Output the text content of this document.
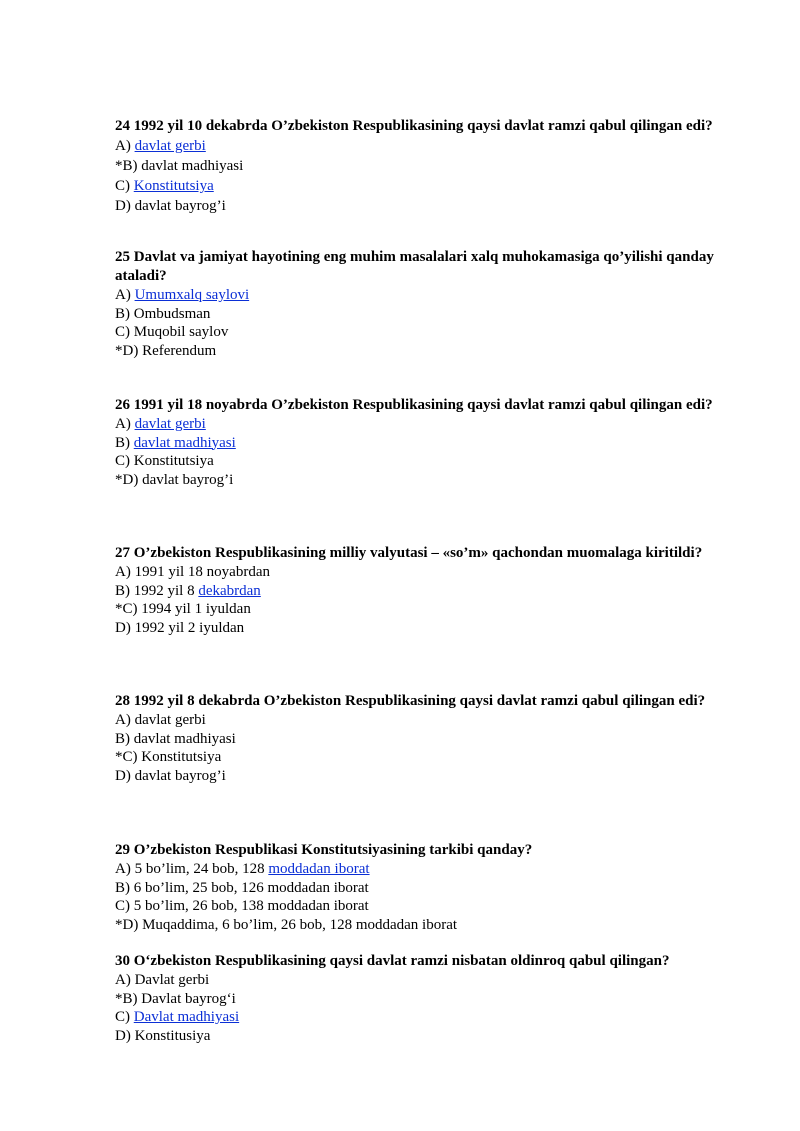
24 1992 yil 10 dekabrda O’zbekiston Respublikasining qaysi davlat ramzi qabul qilingan edi?

A) davlat gerbi

*B) davlat madhiyasi

C) Konstitutsiya

D) davlat bayrog’i

25 Davlat va jamiyat hayotining eng muhim masalalari xalq muhokamasiga qo’yilishi qanday ataladi?

A) Umumxalq saylovi

B) Ombudsman

C) Muqobil saylov

*D) Referendum

26 1991 yil 18 noyabrda O’zbekiston Respublikasining qaysi davlat ramzi qabul qilingan edi?

A) davlat gerbi

B) davlat madhiyasi

C) Konstitutsiya

*D) davlat bayrog’i

27 O’zbekiston Respublikasining milliy valyutasi – «so’m» qachondan muomalaga kiritildi?

A) 1991 yil 18 noyabrdan

B) 1992 yil 8 dekabrdan

*C) 1994 yil 1 iyuldan

D) 1992 yil 2 iyuldan

28 1992 yil 8 dekabrda O’zbekiston Respublikasining qaysi davlat ramzi qabul qilingan edi?

A) davlat gerbi

B) davlat madhiyasi

*C) Konstitutsiya

D) davlat bayrog’i

29 O’zbekiston Respublikasi Konstitutsiyasining tarkibi qanday?

A) 5 bo’lim, 24 bob, 128 moddadan iborat

B) 6 bo’lim, 25 bob, 126 moddadan iborat

C) 5 bo’lim, 26 bob, 138 moddadan iborat

*D) Muqaddima, 6 bo’lim, 26 bob, 128 moddadan iborat

30 O‘zbekiston Respublikasining qaysi davlat ramzi nisbatan oldinroq qabul qilingan?

A) Davlat gerbi

*B) Davlat bayrog‘i

C) Davlat madhiyasi

D) Konstitusiya
